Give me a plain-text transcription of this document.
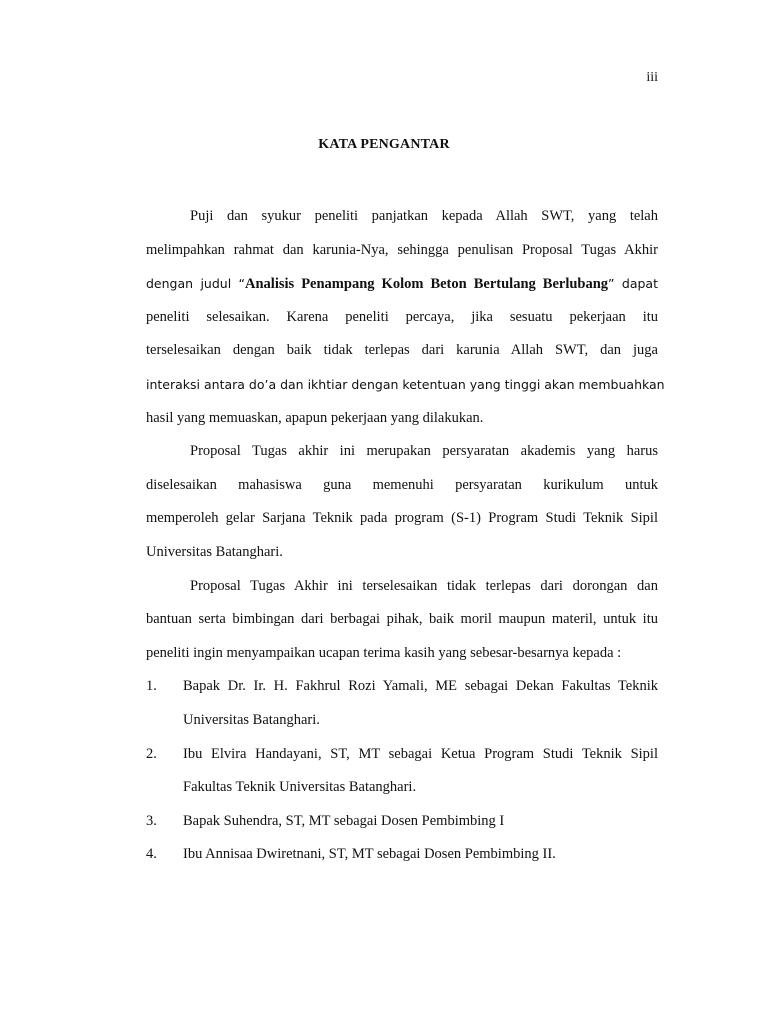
iii
KATA PENGANTAR
Puji dan syukur peneliti panjatkan kepada Allah SWT, yang telah
melimpahkan rahmat dan karunia-Nya, sehingga penulisan Proposal Tugas Akhir
dengan judul “Analisis Penampang Kolom Beton Bertulang Berlubang” dapat
peneliti selesaikan. Karena peneliti percaya, jika sesuatu pekerjaan itu
terselesaikan dengan baik tidak terlepas dari karunia Allah SWT, dan juga
interaksi antara do’a dan ikhtiar dengan ketentuan yang tinggi akan membuahkan
hasil yang memuaskan, apapun pekerjaan yang dilakukan.
Proposal Tugas akhir ini merupakan persyaratan akademis yang harus
diselesaikan mahasiswa guna memenuhi persyaratan kurikulum untuk
memperoleh gelar Sarjana Teknik pada program (S-1) Program Studi Teknik Sipil
Universitas Batanghari.
Proposal Tugas Akhir ini terselesaikan tidak terlepas dari dorongan dan
bantuan serta bimbingan dari berbagai pihak, baik moril maupun materil, untuk itu
peneliti ingin menyampaikan ucapan terima kasih yang sebesar-besarnya kepada :
1.	Bapak Dr. Ir. H. Fakhrul Rozi Yamali, ME sebagai Dekan Fakultas Teknik
Universitas Batanghari.
2.	Ibu Elvira Handayani, ST, MT sebagai Ketua Program Studi Teknik Sipil
Fakultas Teknik Universitas Batanghari.
3.	Bapak Suhendra, ST, MT sebagai Dosen Pembimbing I
4.	Ibu Annisaa Dwiretnani, ST, MT sebagai Dosen Pembimbing II.
